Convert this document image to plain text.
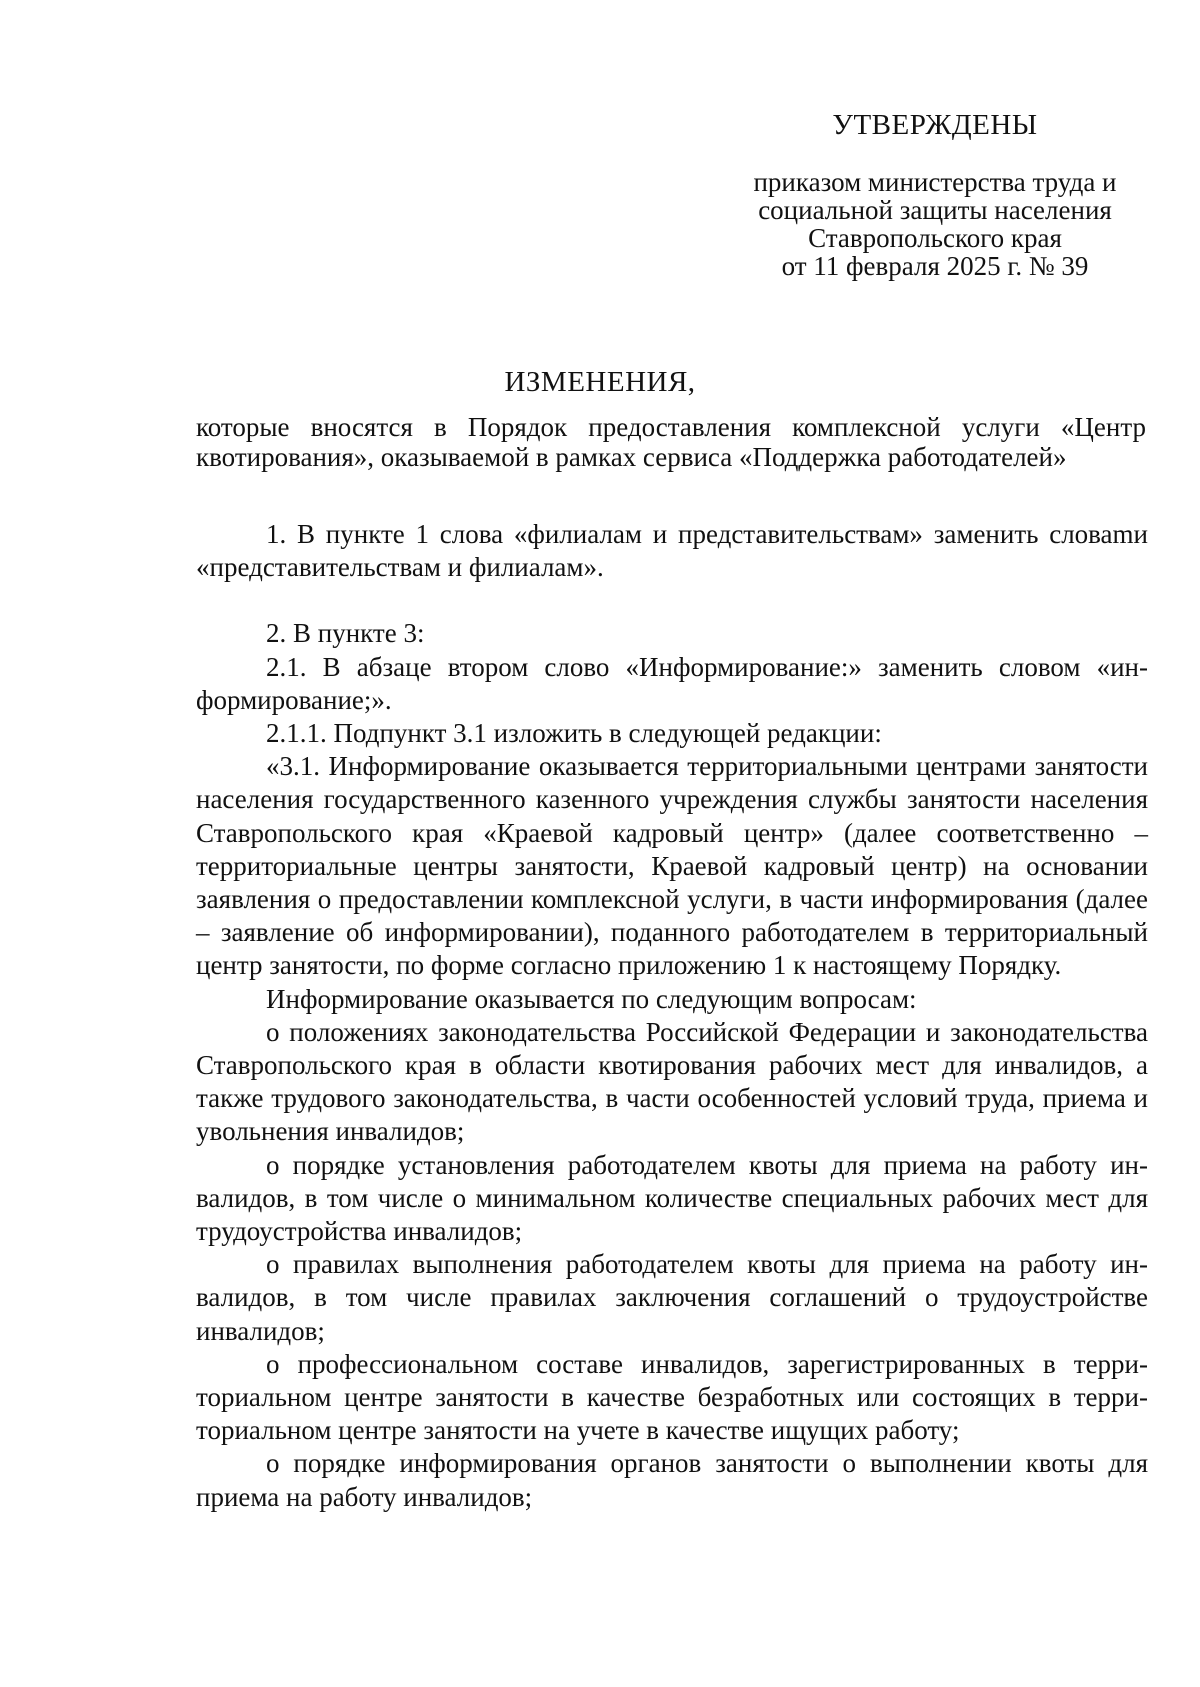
УТВЕРЖДЕНЫ
приказом министерства труда и
социальной защиты населения
Ставропольского края
от 11 февраля 2025 г. № 39
ИЗМЕНЕНИЯ,
которые вносятся в Порядок предоставления комплексной услуги «Центр
квотирования», оказываемой в рамках сервиса «Поддержка работодателей»

1. В пункте 1 слова «филиалам и представительствам» заменить словаmи «представительствам и филиалам».

2. В пункте 3:

2.1. В абзаце втором слово «Информирование:» заменить словом «информирование;».

2.1.1. Подпункт 3.1 изложить в следующей редакции:

«3.1. Информирование оказывается территориальными центрами занятости населения государственного казенного учреждения службы занятости населения Ставропольского края «Краевой кадровый центр» (далее соответственно – территориальные центры занятости, Краевой кадровый центр) на основании заявления о предоставлении комплексной услуги, в части информирования (далее – заявление об информировании), поданного работодателем в территориальный центр занятости, по форме согласно приложению 1 к настоящему Порядку.

Информирование оказывается по следующим вопросам:

о положениях законодательства Российской Федерации и законодательства Ставропольского края в области квотирования рабочих мест для инвалидов, а также трудового законодательства, в части особенностей условий труда, приема и увольнения инвалидов;

о порядке установления работодателем квоты для приема на работу инвалидов, в том числе о минимальном количестве специальных рабочих мест для трудоустройства инвалидов;

о правилах выполнения работодателем квоты для приема на работу инвалидов, в том числе правилах заключения соглашений о трудоустройстве инвалидов;

о профессиональном составе инвалидов, зарегистрированных в территориальном центре занятости в качестве безработных или состоящих в территориальном центре занятости на учете в качестве ищущих работу;

о порядке информирования органов занятости о выполнении квоты для приема на работу инвалидов;
